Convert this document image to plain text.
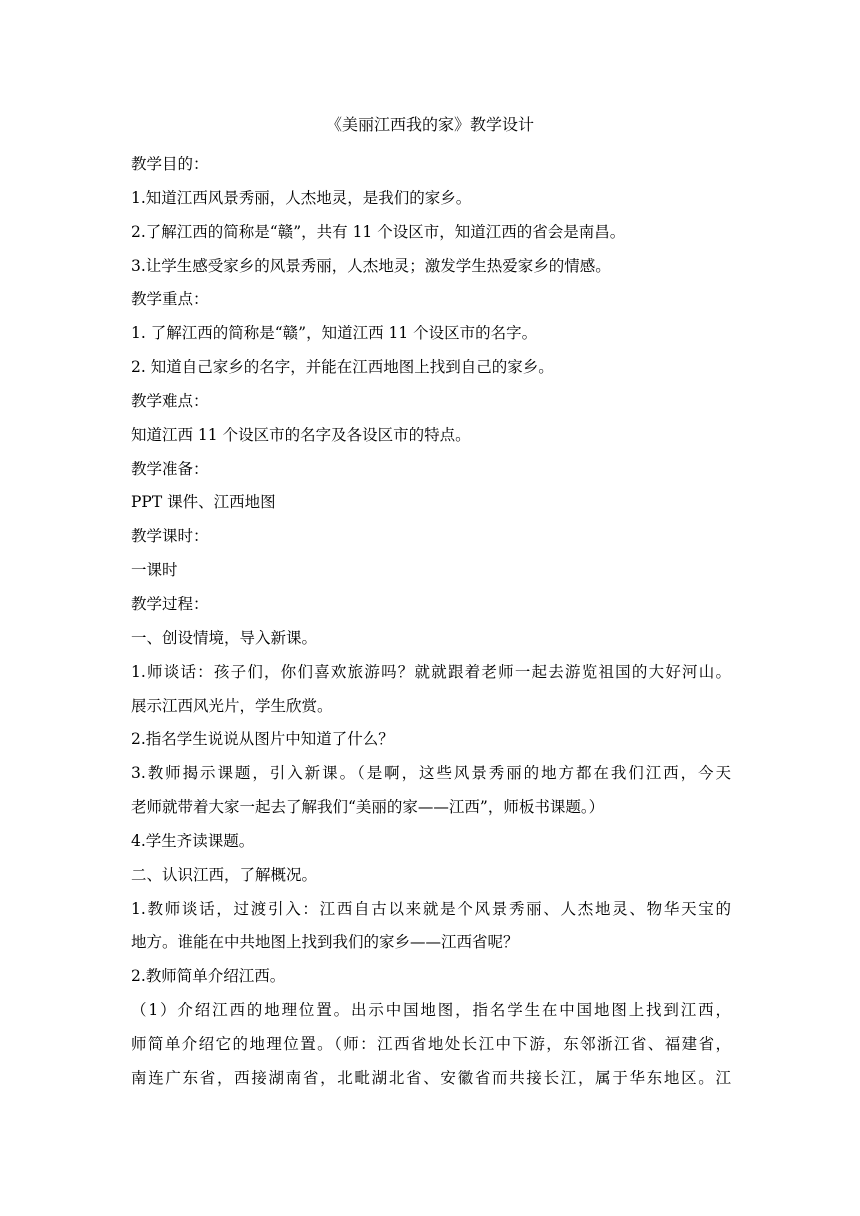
《美丽江西我的家》教学设计
教学目的：
1.知道江西风景秀丽，人杰地灵，是我们的家乡。
2.了解江西的简称是“赣”，共有 11 个设区市，知道江西的省会是南昌。
3.让学生感受家乡的风景秀丽，人杰地灵；激发学生热爱家乡的情感。
教学重点：
1. 了解江西的简称是“赣”，知道江西 11 个设区市的名字。
2. 知道自己家乡的名字，并能在江西地图上找到自己的家乡。
教学难点：
知道江西 11 个设区市的名字及各设区市的特点。
教学准备：
PPT 课件、江西地图
教学课时：
一课时
教学过程：
一、创设情境，导入新课。
1.师谈话：孩子们，你们喜欢旅游吗？就就跟着老师一起去游览祖国的大好河山。
展示江西风光片，学生欣赏。
2.指名学生说说从图片中知道了什么？
3.教师揭示课题，引入新课。（是啊，这些风景秀丽的地方都在我们江西，今天
老师就带着大家一起去了解我们“美丽的家——江西”，师板书课题。）
4.学生齐读课题。
二、认识江西，了解概况。
1.教师谈话，过渡引入：江西自古以来就是个风景秀丽、人杰地灵、物华天宝的
地方。谁能在中共地图上找到我们的家乡——江西省呢？
2.教师简单介绍江西。
（1）介绍江西的地理位置。出示中国地图，指名学生在中国地图上找到江西，
师简单介绍它的地理位置。（师：江西省地处长江中下游，东邻浙江省、福建省，
南连广东省，西接湖南省，北毗湖北省、安徽省而共接长江，属于华东地区。江
